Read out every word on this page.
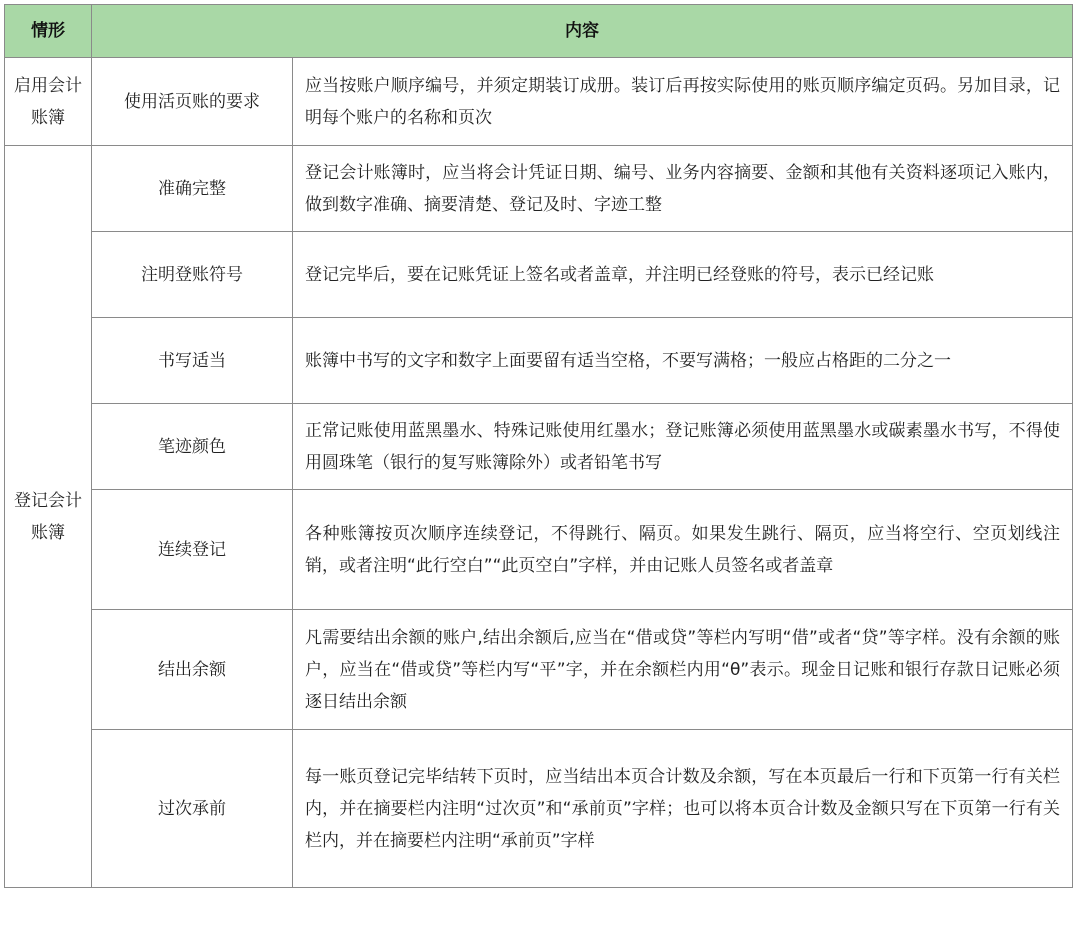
情形	内容	
启用会计账簿	使用活页账的要求	应当按账户顺序编号，并须定期装订成册。装订后再按实际使用的账页顺序编定页码。另加目录，记明每个账户的名称和页次
登记会计账簿	准确完整	登记会计账簿时，应当将会计凭证日期、编号、业务内容摘要、金额和其他有关资料逐项记入账内，做到数字准确、摘要清楚、登记及时、字迹工整
	注明登账符号	登记完毕后，要在记账凭证上签名或者盖章，并注明已经登账的符号，表示已经记账
	书写适当	账簿中书写的文字和数字上面要留有适当空格，不要写满格；一般应占格距的二分之一
	笔迹颜色	正常记账使用蓝黑墨水、特殊记账使用红墨水；登记账簿必须使用蓝黑墨水或碳素墨水书写，不得使用圆珠笔（银行的复写账簿除外）或者铅笔书写
	连续登记	各种账簿按页次顺序连续登记，不得跳行、隔页。如果发生跳行、隔页，应当将空行、空页划线注销，或者注明“此行空白”“此页空白”字样，并由记账人员签名或者盖章
	结出余额	凡需要结出余额的账户,结出余额后,应当在“借或贷”等栏内写明“借”或者“贷”等字样。没有余额的账户，应当在“借或贷”等栏内写“平”字，并在余额栏内用“θ”表示。现金日记账和银行存款日记账必须逐日结出余额
	过次承前	每一账页登记完毕结转下页时，应当结出本页合计数及余额，写在本页最后一行和下页第一行有关栏内，并在摘要栏内注明“过次页”和“承前页”字样；也可以将本页合计数及金额只写在下页第一行有关栏内，并在摘要栏内注明“承前页”字样
